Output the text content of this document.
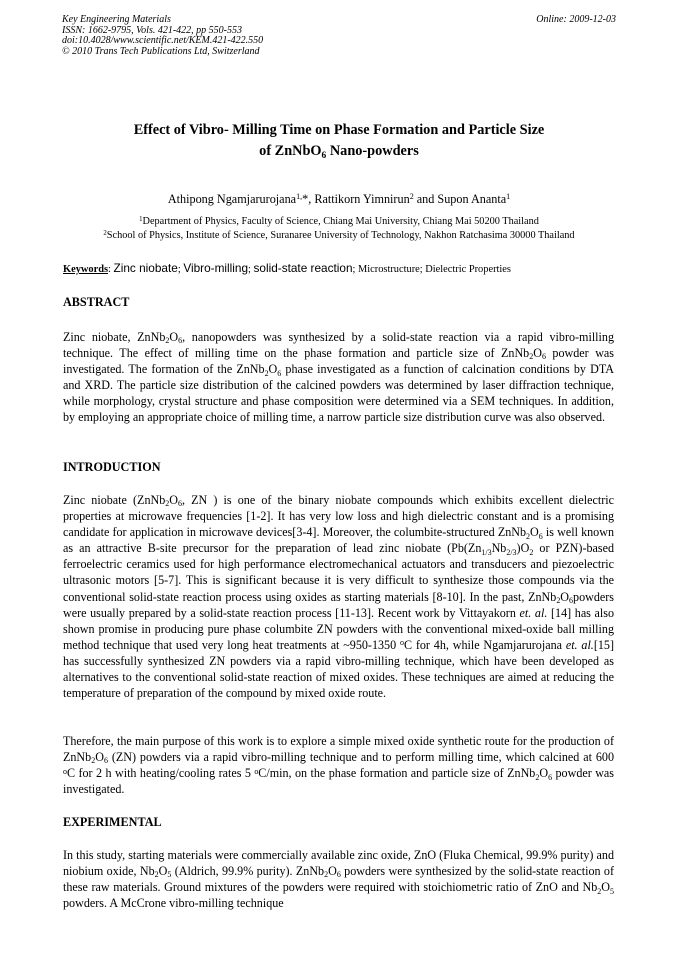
Key Engineering Materials
ISSN: 1662-9795, Vols. 421-422, pp 550-553
doi:10.4028/www.scientific.net/KEM.421-422.550
© 2010 Trans Tech Publications Ltd, Switzerland
Online: 2009-12-03
Effect of Vibro- Milling Time on Phase Formation and Particle Size
of ZnNbO$_6$ Nano-powders
Athipong Ngamjarurojana$^{1,}$*, Rattikorn Yimnirun$^2$ and Supon Ananta$^1$
$^1$Department of Physics, Faculty of Science, Chiang Mai University, Chiang Mai 50200 Thailand
$^2$School of Physics, Institute of Science, Suranaree University of Technology, Nakhon Ratchasima 30000 Thailand
Keywords: Zinc niobate; Vibro-milling; solid-state reaction; Microstructure; Dielectric Properties
ABSTRACT
Zinc niobate, $ZnNb_2O_6$, nanopowders was synthesized by a solid-state reaction via a rapid vibro-milling technique. The effect of milling time on the phase formation and particle size of $ZnNb_2O_6$ powder was investigated. The formation of the $ZnNb_2O_6$ phase investigated as a function of calcination conditions by DTA and XRD. The particle size distribution of the calcined powders was determined by laser diffraction technique, while morphology, crystal structure and phase composition were determined via a SEM techniques. In addition, by employing an appropriate choice of milling time, a narrow particle size distribution curve was also observed.
INTRODUCTION
Zinc niobate ($ZnNb_2O_6$, ZN ) is one of the binary niobate compounds which exhibits excellent dielectric properties at microwave frequencies [1-2]. It has very low loss and high dielectric constant and is a promising candidate for application in microwave devices[3-4]. Moreover, the columbite-structured $ZnNb_2O_6$ is well known as an attractive B-site precursor for the preparation of lead zinc niobate ($Pb(Zn_{1/3}Nb_{2/3})O_2$ or PZN)-based ferroelectric ceramics used for high performance electromechanical actuators and transducers and piezoelectric ultrasonic motors [5-7]. This is significant because it is very difficult to synthesize those compounds via the conventional solid-state reaction process using oxides as starting materials [8-10]. In the past, $ZnNb_2O_6powders$ were usually prepared by a solid-state reaction process [11-13]. Recent work by Vittayakorn et. al. [14] has also shown promise in producing pure phase columbite ZN powders with the conventional mixed-oxide ball milling method technique that used very long heat treatments at ~950-1350 $^o$C for 4h, while Ngamjarurojana et. al.[15] has successfully synthesized ZN powders via a rapid vibro-milling technique, which have been developed as alternatives to the conventional solid-state reaction of mixed oxides. These techniques are aimed at reducing the temperature of preparation of the compound by mixed oxide route.
Therefore, the main purpose of this work is to explore a simple mixed oxide synthetic route for the production of $ZnNb_2O_6$ (ZN) powders via a rapid vibro-milling technique and to perform milling time, which calcined at 600 $^o$C for 2 h with heating/cooling rates 5 $^o$C/min, on the phase formation and particle size of $ZnNb_2O_6$ powder was investigated.
EXPERIMENTAL
In this study, starting materials were commercially available zinc oxide, ZnO (Fluka Chemical, 99.9% purity) and niobium oxide, $Nb_2O_5$ (Aldrich, 99.9% purity). $ZnNb_2O_6$ powders were synthesized by the solid-state reaction of these raw materials. Ground mixtures of the powders were required with stoichiometric ratio of ZnO and $Nb_2O_5$ powders. A McCrone vibro-milling technique
